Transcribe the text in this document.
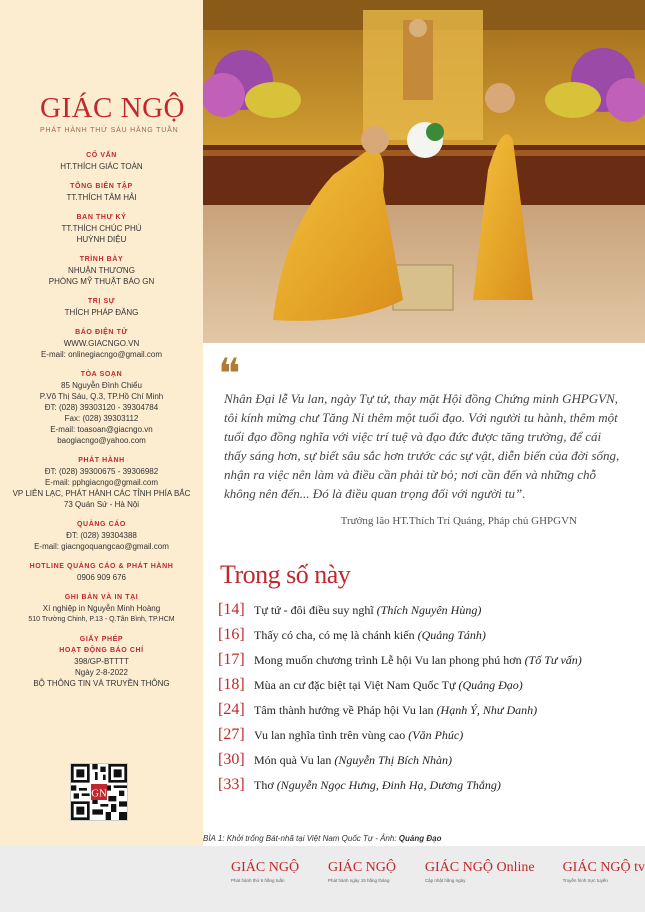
GIÁC NGỘ
PHÁT HÀNH THỨ SÁU HẰNG TUẦN
CỐ VẤN
HT.THÍCH GIÁC TOÀN
TỔNG BIÊN TẬP
TT.THÍCH TÂM HẢI
BAN THƯ KÝ
TT.THÍCH CHÚC PHÚ
HUỲNH DIỆU
TRÌNH BÀY
NHUẬN THƯƠNG
PHÒNG MỸ THUẬT BÁO GN
TRỊ SỰ
THÍCH PHÁP ĐĂNG
BÁO ĐIỆN TỬ
WWW.GIACNGO.VN
E-mail: onlinegiacngo@gmail.com
TÒA SOẠN
85 Nguyễn Đình Chiểu
P.Võ Thị Sáu, Q.3, TP.Hồ Chí Minh
ĐT: (028) 39303120 - 39304784
Fax: (028) 39303112
E-mail: toasoan@giacngo.vn
baogiacngo@yahoo.com
PHÁT HÀNH
ĐT: (028) 39300675 - 39306982
E-mail: pphgiacngo@gmail.com
VP LIÊN LẠC, PHÁT HÀNH CÁC TỈNH PHÍA BẮC
73 Quán Sứ - Hà Nội
QUẢNG CÁO
ĐT: (028) 39304388
E-mail: giacngoquangcao@gmail.com
HOTLINE QUẢNG CÁO & PHÁT HÀNH
0906 909 676
GHI BẢN VÀ IN TẠI
Xí nghiệp in Nguyễn Minh Hoàng
510 Trường Chinh, P.13 - Q.Tân Bình, TP.HCM
GIẤY PHÉP
HOẠT ĐỘNG BÁO CHÍ
398/GP-BTTTT
Ngày 2-8-2022
BỘ THÔNG TIN VÀ TRUYỀN THÔNG
GN
❝
Nhân Đại lễ Vu lan, ngày Tự tứ, thay mặt Hội đồng Chứng minh GHPGVN, tôi kính mừng chư Tăng Ni thêm một tuổi đạo. Với người tu hành, thêm một tuổi đạo đồng nghĩa với việc trí tuệ và đạo đức được tăng trưởng, để cái thấy sáng hơn, sự biết sâu sắc hơn trước các sự vật, diễn biến của đời sống, nhận ra việc nên làm và điều cần phải từ bỏ; nơi cần đến và những chỗ không nên đến... Đó là điều quan trọng đối với người tu”.
Trưởng lão HT.Thích Trí Quảng, Pháp chủ GHPGVN
Trong số này
[14] Tự tứ - đôi điều suy nghĩ (Thích Nguyên Hùng)
[16] Thấy có cha, có mẹ là chánh kiến (Quảng Tánh)
[17] Mong muốn chương trình Lễ hội Vu lan phong phú hơn (Tố Tư vấn)
[18] Mùa an cư đặc biệt tại Việt Nam Quốc Tự (Quảng Đạo)
[24] Tâm thành hướng về Pháp hội Vu lan (Hạnh Ý, Như Danh)
[27] Vu lan nghĩa tình trên vùng cao (Văn Phúc)
[30] Món quà Vu lan (Nguyễn Thị Bích Nhàn)
[33] Thơ (Nguyễn Ngọc Hưng, Đinh Hạ, Dương Thắng)
BÌA 1: Khởi trống Bát-nhã tại Việt Nam Quốc Tự - Ảnh: Quảng Đạo
GIÁC NGỘ
Phát hành thứ 6 hằng tuần
GIÁC NGỘ
Phát hành ngày 15 hằng tháng
GIÁC NGỘ Online
Cập nhật hằng ngày
GIÁC NGỘ tv
Truyền hình trực tuyến
